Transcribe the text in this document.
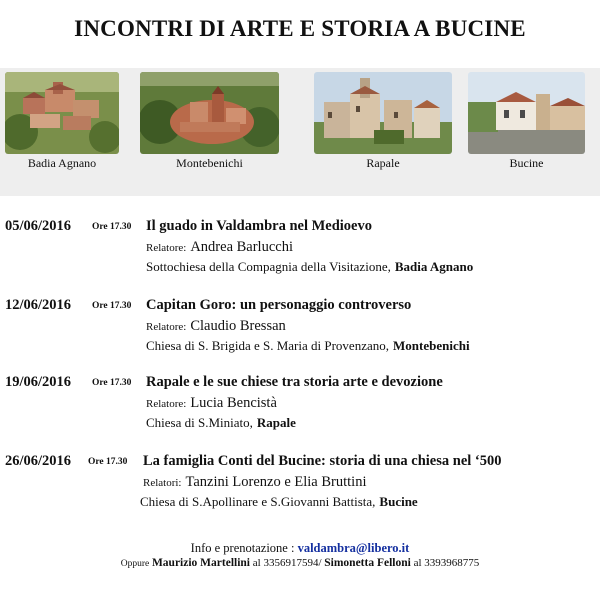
INCONTRI DI ARTE E STORIA A BUCINE
Badia Agnano	Montebenichi	Rapale	Bucine
05/06/2016 Ore 17.30 Il guado in Valdambra nel Medioevo
Relatore: Andrea Barlucchi
Sottochiesa della Compagnia della Visitazione, Badia Agnano
12/06/2016 Ore 17.30 Capitan Goro: un personaggio controverso
Relatore: Claudio Bressan
Chiesa di S. Brigida e S. Maria di Provenzano, Montebenichi
19/06/2016 Ore 17.30 Rapale e le sue chiese tra storia arte e devozione
Relatore: Lucia Bencistà
Chiesa di S.Miniato, Rapale
26/06/2016 Ore 17.30 La famiglia Conti del Bucine: storia di una chiesa nel ‘500
Relatori: Tanzini Lorenzo e Elia Bruttini
Chiesa di S.Apollinare e S.Giovanni Battista, Bucine
Info e prenotazione : valdambra@libero.it
Oppure Maurizio Martellini al 3356917594/ Simonetta Felloni al 3393968775
